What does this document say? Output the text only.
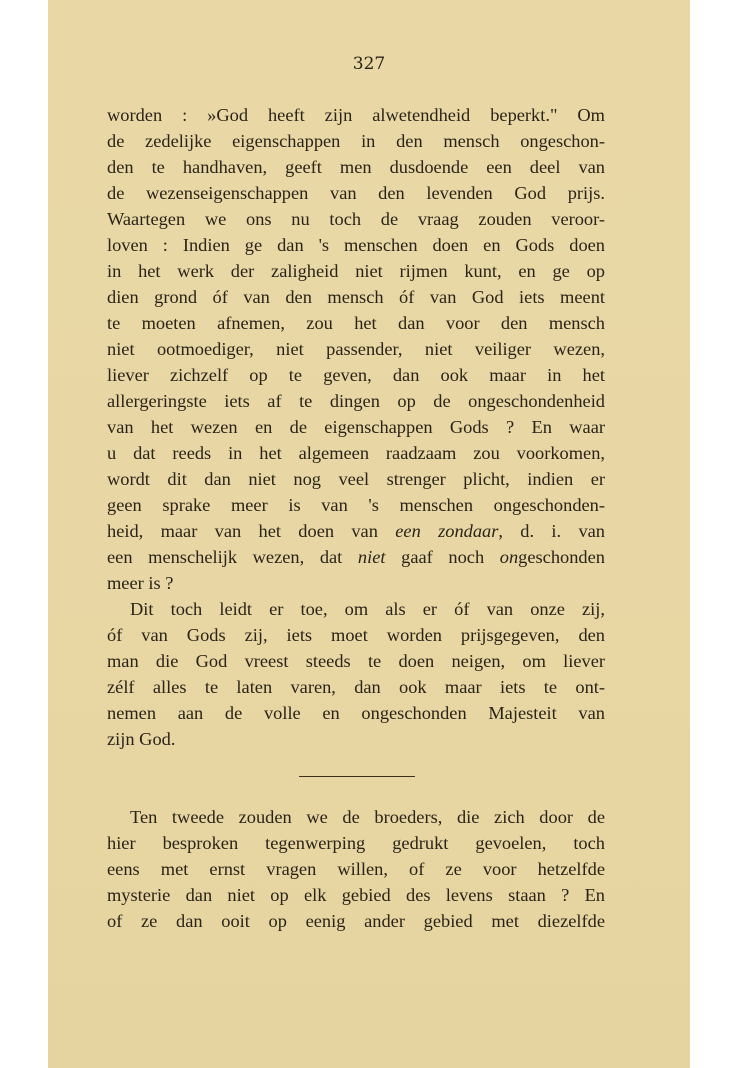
327
worden : »God heeft zijn alwetendheid beperkt." Om
de zedelijke eigenschappen in den mensch ongeschon-
den te handhaven, geeft men dusdoende een deel van
de wezenseigenschappen van den levenden God prijs.
Waartegen we ons nu toch de vraag zouden veroor-
loven : Indien ge dan 's menschen doen en Gods doen
in het werk der zaligheid niet rijmen kunt, en ge op
dien grond óf van den mensch óf van God iets meent
te moeten afnemen, zou het dan voor den mensch
niet ootmoediger, niet passender, niet veiliger wezen,
liever zichzelf op te geven, dan ook maar in het
allergeringste iets af te dingen op de ongeschondenheid
van het wezen en de eigenschappen Gods ? En waar
u dat reeds in het algemeen raadzaam zou voorkomen,
wordt dit dan niet nog veel strenger plicht, indien er
geen sprake meer is van 's menschen ongeschonden-
heid, maar van het doen van een zondaar, d. i. van
een menschelijk wezen, dat niet gaaf noch ongeschonden
meer is ?
Dit toch leidt er toe, om als er óf van onze zij,
óf van Gods zij, iets moet worden prijsgegeven, den
man die God vreest steeds te doen neigen, om liever
zélf alles te laten varen, dan ook maar iets te ont-
nemen aan de volle en ongeschonden Majesteit van
zijn God.
Ten tweede zouden we de broeders, die zich door de
hier besproken tegenwerping gedrukt gevoelen, toch
eens met ernst vragen willen, of ze voor hetzelfde
mysterie dan niet op elk gebied des levens staan ? En
of ze dan ooit op eenig ander gebied met diezelfde
